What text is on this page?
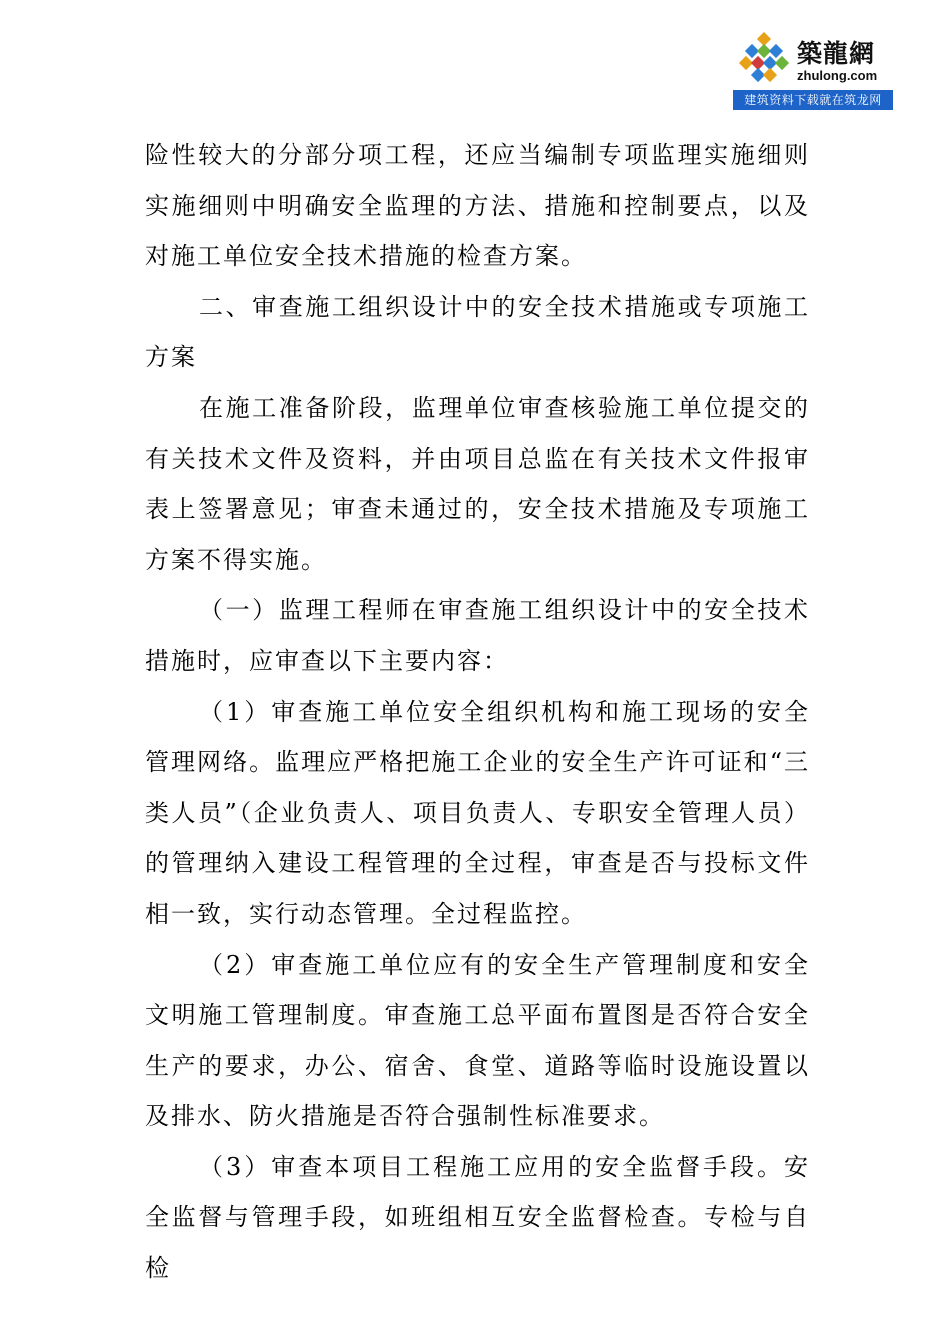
築龍網
zhulong.com
建筑资料下载就在筑龙网

险性较大的分部分项工程，还应当编制专项监理实施细则实施细则中明确安全监理的方法、措施和控制要点，以及对施工单位安全技术措施的检查方案。

二、审查施工组织设计中的安全技术措施或专项施工方案

在施工准备阶段，监理单位审查核验施工单位提交的有关技术文件及资料，并由项目总监在有关技术文件报审表上签署意见；审查未通过的，安全技术措施及专项施工方案不得实施。

（一）监理工程师在审查施工组织设计中的安全技术措施时，应审查以下主要内容：

（1）审查施工单位安全组织机构和施工现场的安全管理网络。监理应严格把施工企业的安全生产许可证和“三类人员”（企业负责人、项目负责人、专职安全管理人员）的管理纳入建设工程管理的全过程，审查是否与投标文件相一致，实行动态管理。全过程监控。

（2）审查施工单位应有的安全生产管理制度和安全文明施工管理制度。审查施工总平面布置图是否符合安全生产的要求，办公、宿舍、食堂、道路等临时设施设置以及排水、防火措施是否符合强制性标准要求。

（3）审查本项目工程施工应用的安全监督手段。安全监督与管理手段，如班组相互安全监督检查。专检与自检
